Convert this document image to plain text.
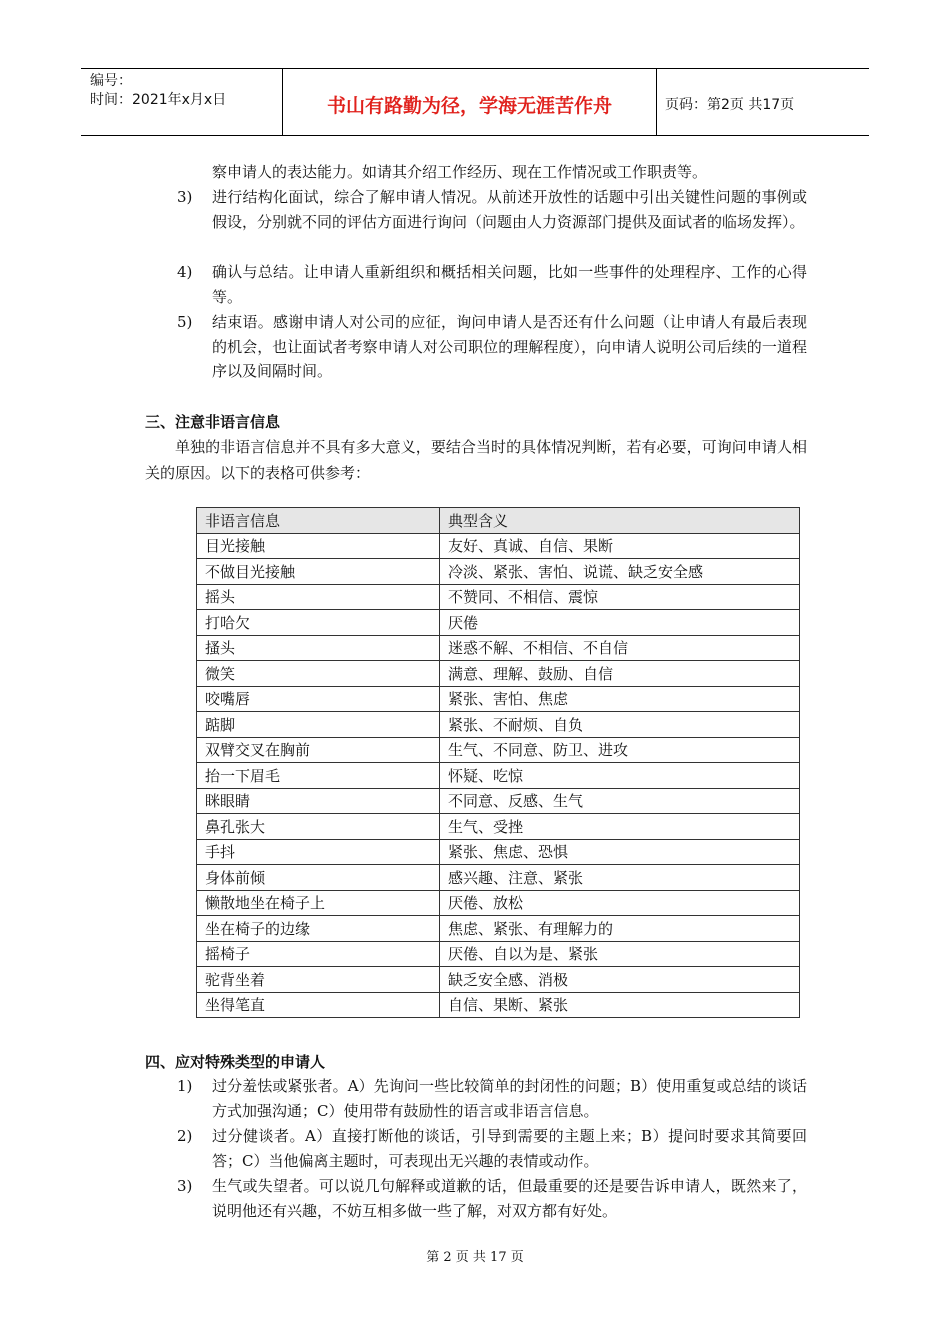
编号：
时间：2021年x月x日	书山有路勤为径，学海无涯苦作舟	页码：第2页 共17页
察申请人的表达能力。如请其介绍工作经历、现在工作情况或工作职责等。
3)	进行结构化面试，综合了解申请人情况。从前述开放性的话题中引出关键性问题的事例或假设，分别就不同的评估方面进行询问（问题由人力资源部门提供及面试者的临场发挥）。
4)	确认与总结。让申请人重新组织和概括相关问题，比如一些事件的处理程序、工作的心得等。
5)	结束语。感谢申请人对公司的应征，询问申请人是否还有什么问题（让申请人有最后表现的机会，也让面试者考察申请人对公司职位的理解程度），向申请人说明公司后续的一道程序以及间隔时间。
三、注意非语言信息
单独的非语言信息并不具有多大意义，要结合当时的具体情况判断，若有必要，可询问申请人相关的原因。以下的表格可供参考：
非语言信息	典型含义
目光接触	友好、真诚、自信、果断
不做目光接触	冷淡、紧张、害怕、说谎、缺乏安全感
摇头	不赞同、不相信、震惊
打哈欠	厌倦
搔头	迷惑不解、不相信、不自信
微笑	满意、理解、鼓励、自信
咬嘴唇	紧张、害怕、焦虑
踮脚	紧张、不耐烦、自负
双臂交叉在胸前	生气、不同意、防卫、进攻
抬一下眉毛	怀疑、吃惊
眯眼睛	不同意、反感、生气
鼻孔张大	生气、受挫
手抖	紧张、焦虑、恐惧
身体前倾	感兴趣、注意、紧张
懒散地坐在椅子上	厌倦、放松
坐在椅子的边缘	焦虑、紧张、有理解力的
摇椅子	厌倦、自以为是、紧张
驼背坐着	缺乏安全感、消极
坐得笔直	自信、果断、紧张
四、应对特殊类型的申请人
1)	过分羞怯或紧张者。A）先询问一些比较简单的封闭性的问题；B）使用重复或总结的谈话方式加强沟通；C）使用带有鼓励性的语言或非语言信息。
2)	过分健谈者。A）直接打断他的谈话，引导到需要的主题上来；B）提问时要求其简要回答；C）当他偏离主题时，可表现出无兴趣的表情或动作。
3)	生气或失望者。可以说几句解释或道歉的话，但最重要的还是要告诉申请人，既然来了，说明他还有兴趣，不妨互相多做一些了解，对双方都有好处。
第 2 页 共 17 页
